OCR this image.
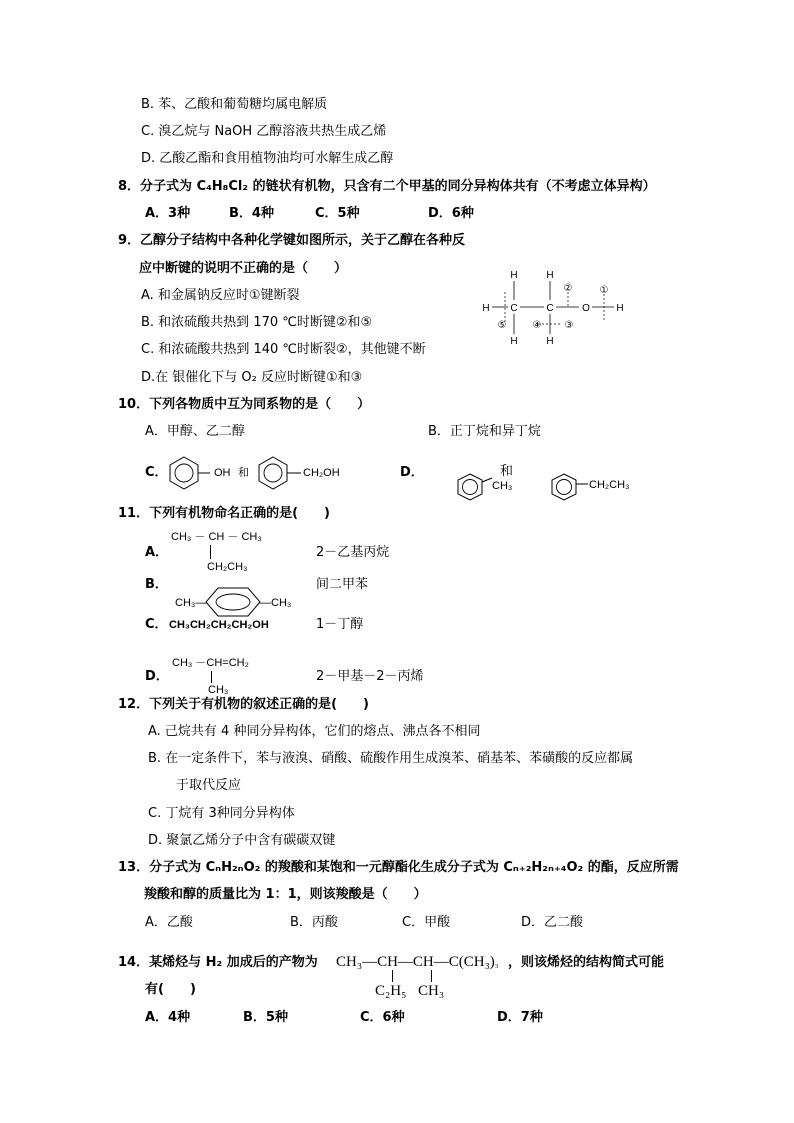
B. 苯、乙酸和葡萄糖均属电解质
C. 溴乙烷与 NaOH 乙醇溶液共热生成乙烯
D. 乙酸乙酯和食用植物油均可水解生成乙醇
8．分子式为 C₄H₈Cl₂ 的链状有机物，只含有二个甲基的同分异构体共有（不考虑立体异构）
A．3种	B．4种	C．5种	D．6种
9．乙醇分子结构中各种化学键如图所示，关于乙醇在各种反
应中断键的说明不正确的是（　　）
A. 和金属钠反应时①键断裂
B. 和浓硫酸共热到 170 ℃时断键②和⑤
C. 和浓硫酸共热到 140 ℃时断裂②，其他键不断
D.在 银催化下与 O₂ 反应时断键①和③
H	H
H C	C	O	H
H	H
①
②
③
④
⑤
10．下列各物质中互为同系物的是（　　）
A．甲醇、乙二醇	B．正丁烷和异丁烷
C．	OH 和	CH₂OH	D．	和
CH₃	CH₂CH₃
11．下列有机物命名正确的是(　　)
A．
CH₃ － CH － CH₃
CH₂CH₃
2－乙基丙烷
B．
CH₃—	—CH₃
间二甲苯
C． CH₃CH₂CH₂CH₂OH	1－丁醇
D．
CH₃ －CH=CH₂
CH₃
2－甲基－2－丙烯
12．下列关于有机物的叙述正确的是(　　)
A. 己烷共有 4 种同分异构体，它们的熔点、沸点各不相同
B. 在一定条件下，苯与液溴、硝酸、硫酸作用生成溴苯、硝基苯、苯磺酸的反应都属
于取代反应
C. 丁烷有 3种同分异构体
D. 聚氯乙烯分子中含有碳碳双键
13．分子式为 CₙH₂ₙO₂ 的羧酸和某饱和一元醇酯化生成分子式为 Cₙ₊₂H₂ₙ₊₄O₂ 的酯，反应所需
羧酸和醇的质量比为 1：1，则该羧酸是（　　）
A．乙酸	B．丙酸	C．甲酸	D．乙二酸
14．某烯烃与 H₂ 加成后的产物为 CH₃—CH—CH—C(CH₃)₃ ，则该烯烃的结构简式可能
C₂H₅ CH₃
有(　　)
A．4种	B．5种	C．6种	D．7种
